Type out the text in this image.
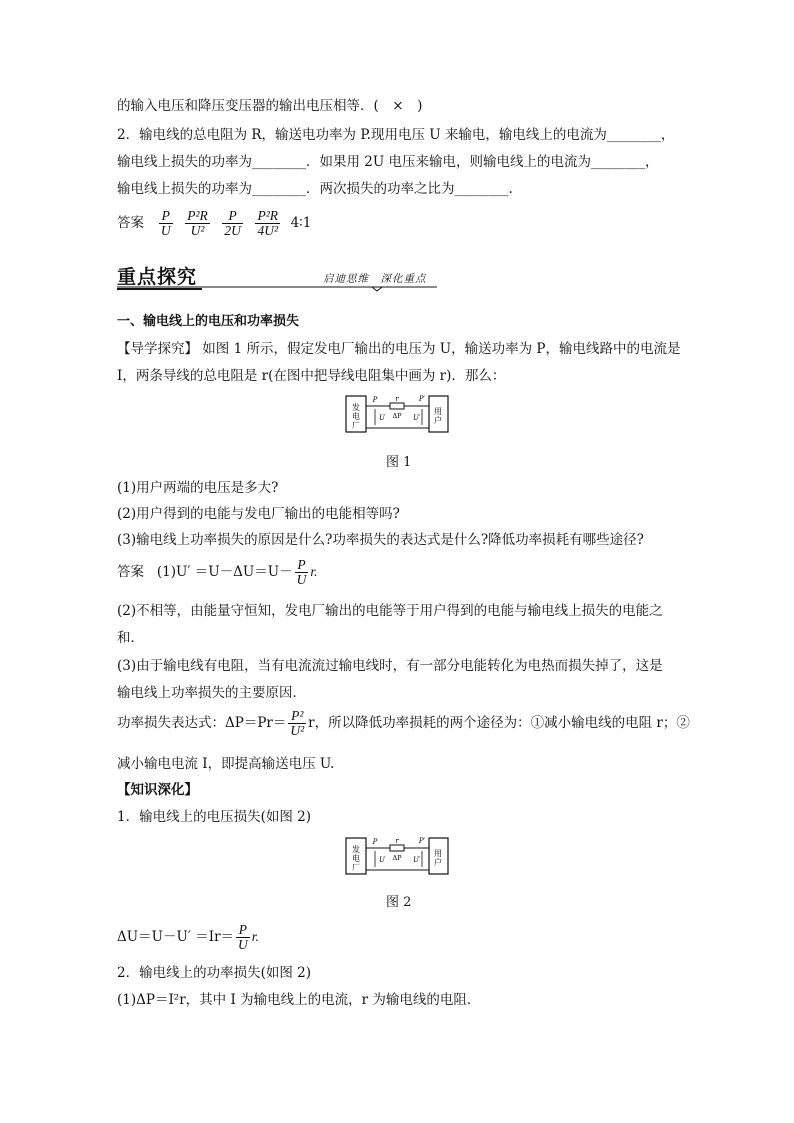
的输入电压和降压变压器的输出电压相等．(　×　)
2．输电线的总电阻为 R，输送电功率为 P.现用电压 U 来输电，输电线上的电流为________，
输电线上损失的功率为________．如果用 2U 电压来输电，则输电线上的电流为________，
输电线上损失的功率为________．两次损失的功率之比为________.
答案 $\frac{P}{U}$
$\frac{\text{P²R}}{\text{U²}}$
$\frac{P}{2U}$
$\frac{\text{P²R}}{\text{4U²}}$ 4∶1
重点探究	启迪思维　深化重点
一、输电线上的电压和功率损失
【导学探究】 如图 1 所示，假定发电厂输出的电压为 U，输送功率为 P，输电线路中的电流是
I，两条导线的总电阻是 r(在图中把导线电阻集中画为 r)．那么：
发
电
厂
用
户
P	r	P′
U ΔP U′
图 1
(1)用户两端的电压是多大?
(2)用户得到的电能与发电厂输出的电能相等吗?
(3)输电线上功率损失的原因是什么?功率损失的表达式是什么?降低功率损耗有哪些途径?
答案 $(1)U' =U-\Delta U=U- \frac{P}{U} r$.
(2)不相等，由能量守恒知，发电厂输出的电能等于用户得到的电能与输电线上损失的电能之
和．
(3)由于输电线有电阻，当有电流流过输电线时，有一部分电能转化为电热而损失掉了，这是
输电线上功率损失的主要原因．
功率损失表达式：$\Delta P=Pr= \frac{\text{P²}}{\text{U²}}$ r，所以降低功率损耗的两个途径为：①减小输电线的电阻 r；②
减小输电电流 I，即提高输送电压 U.
【知识深化】
1．输电线上的电压损失(如图 2)
发
电
厂
用
户
P	r	P′
U ΔP U′
图 2
$\Delta U=U-U' =Ir= \frac{P}{U} r$.
2．输电线上的功率损失(如图 2)
(1)ΔP＝I²r，其中 I 为输电线上的电流，r 为输电线的电阻．
